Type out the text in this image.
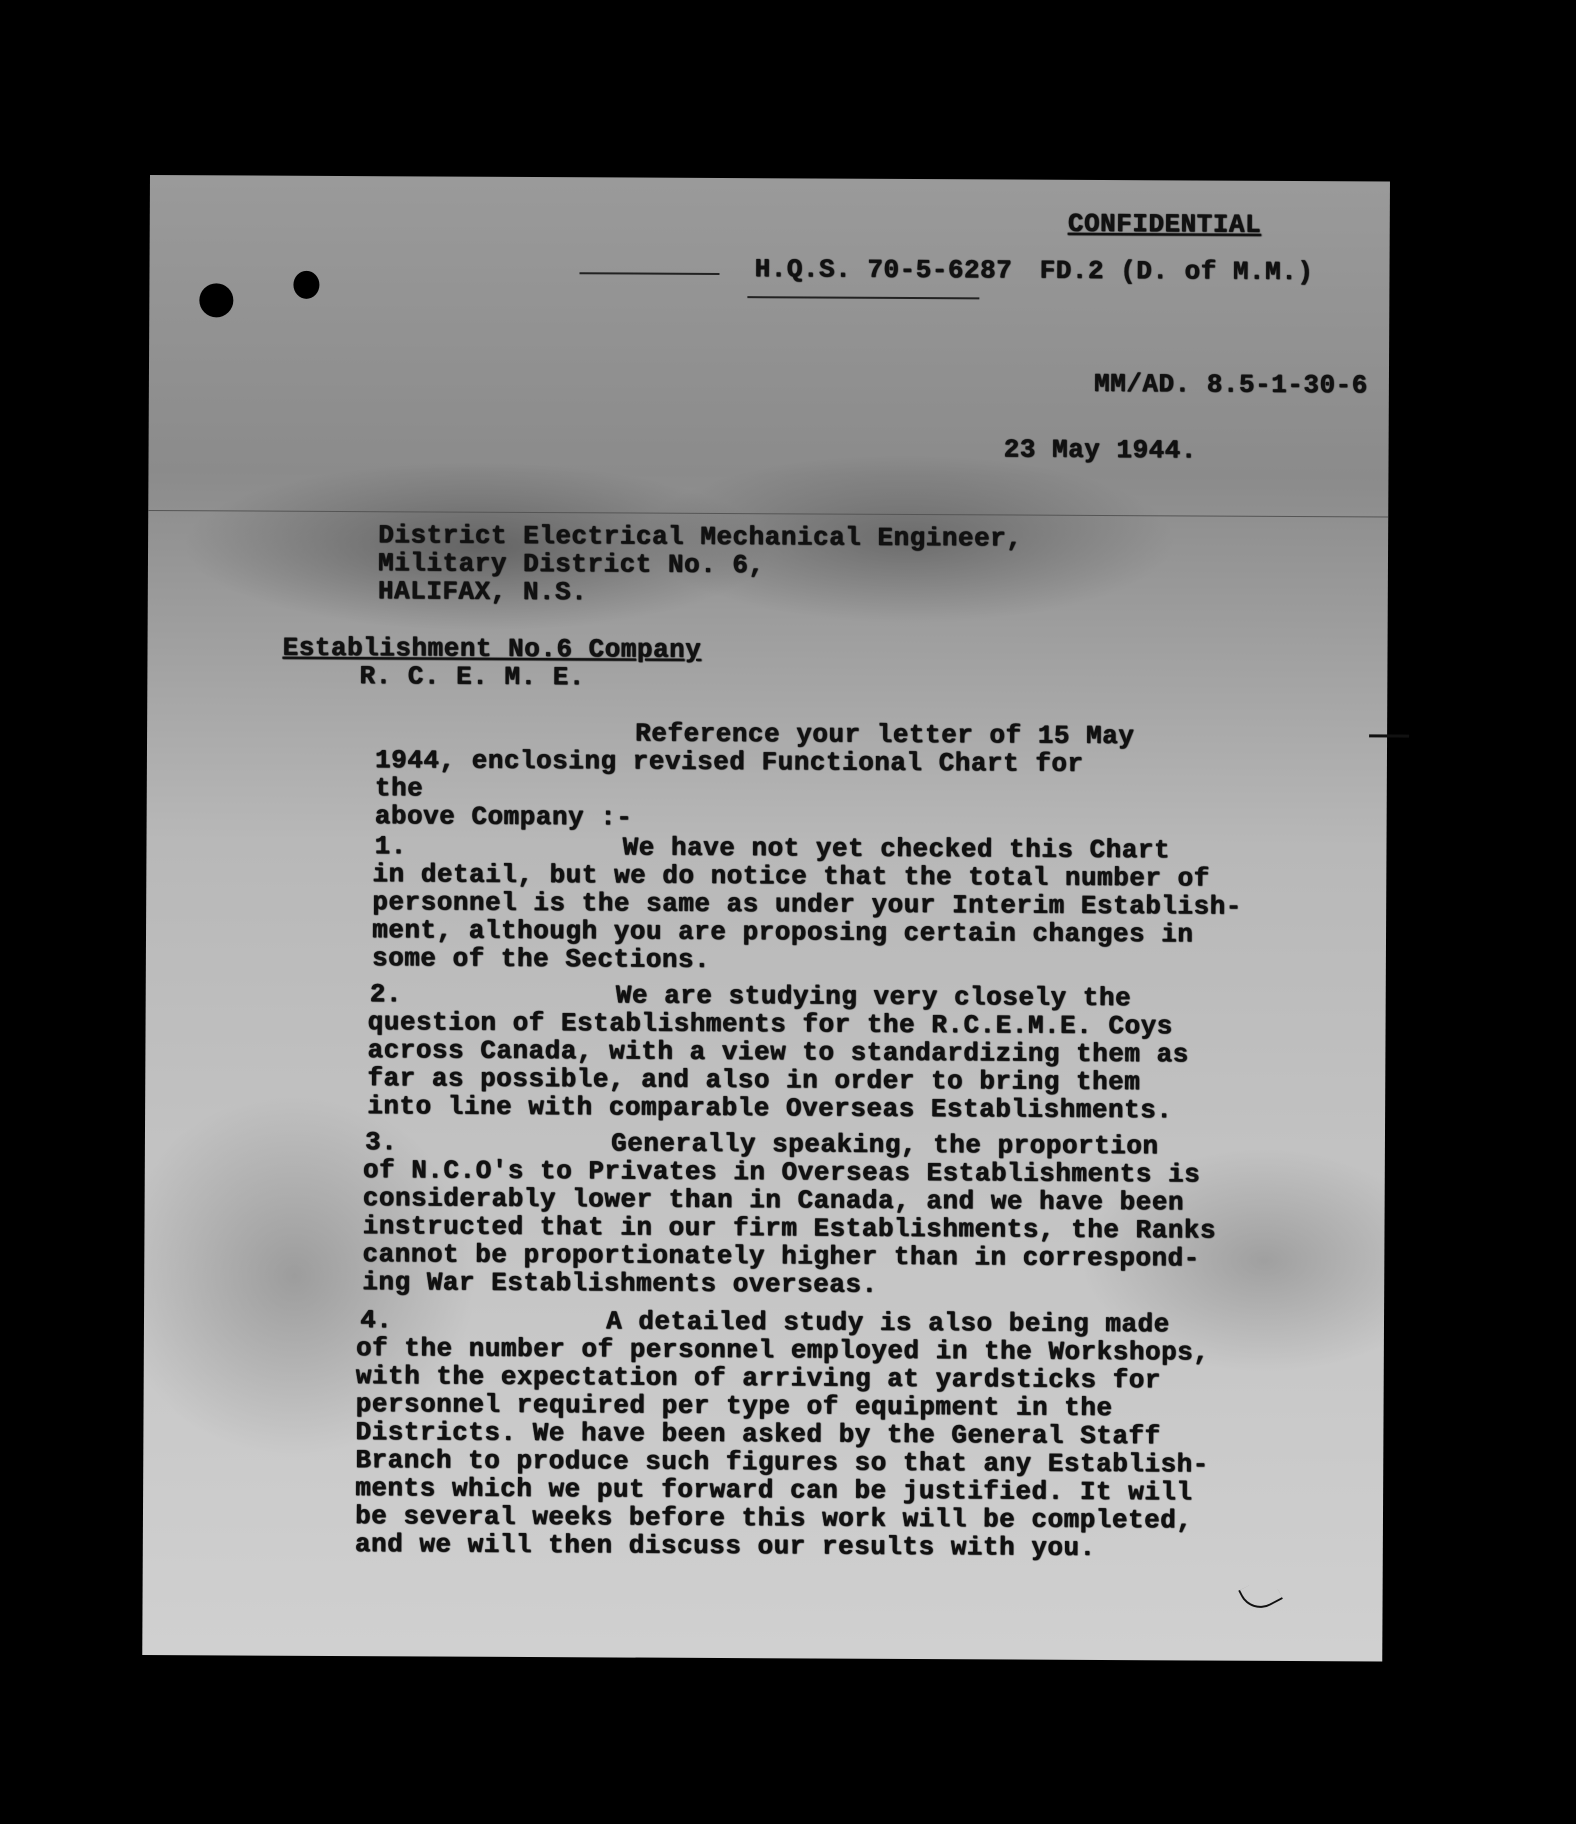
CONFIDENTIAL
H.Q.S. 70-5-6287 FD.2 (D. of M.M.)
MM/AD. 8.5-1-30-6
23 May 1944.
District Electrical Mechanical Engineer,
Military District No. 6,
HALIFAX, N.S.
Establishment No.6 Company
R. C. E. M. E.
Reference your letter of 15 May
1944, enclosing revised Functional Chart for the
above Company :-
1.	We have not yet checked this Chart
in detail, but we do notice that the total number of
personnel is the same as under your Interim Establish-
ment, although you are proposing certain changes in
some of the Sections.
2.	We are studying very closely the
question of Establishments for the R.C.E.M.E. Coys
across Canada, with a view to standardizing them as
far as possible, and also in order to bring them
into line with comparable Overseas Establishments.
3.	Generally speaking, the proportion
of N.C.O's to Privates in Overseas Establishments is
considerably lower than in Canada, and we have been
instructed that in our firm Establishments, the Ranks
cannot be proportionately higher than in correspond-
ing War Establishments overseas.
4.	A detailed study is also being made
of the number of personnel employed in the Workshops,
with the expectation of arriving at yardsticks for
personnel required per type of equipment in the
Districts. We have been asked by the General Staff
Branch to produce such figures so that any Establish-
ments which we put forward can be justified. It will
be several weeks before this work will be completed,
and we will then discuss our results with you.
